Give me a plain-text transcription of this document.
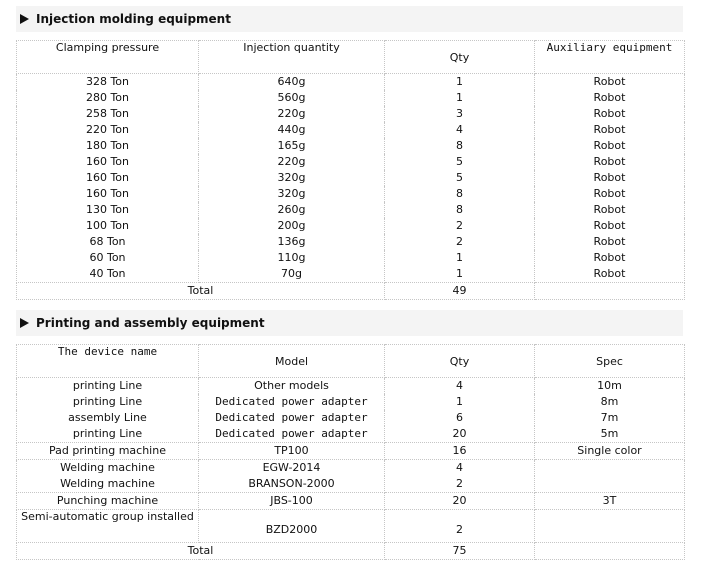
Injection molding equipment
Clamping pressure	Injection quantity	Qty	Auxiliary equipment
328 Ton	640g	1	Robot
280 Ton	560g	1	Robot
258 Ton	220g	3	Robot
220 Ton	440g	4	Robot
180 Ton	165g	8	Robot
160 Ton	220g	5	Robot
160 Ton	320g	5	Robot
160 Ton	320g	8	Robot
130 Ton	260g	8	Robot
100 Ton	200g	2	Robot
68 Ton	136g	2	Robot
60 Ton	110g	1	Robot
40 Ton	70g	1	Robot
Total		49	
Printing and assembly equipment
The device name	Model	Qty	Spec
printing Line	Other models	4	10m
printing Line	Dedicated power adapter	1	8m
assembly Line	Dedicated power adapter	6	7m
printing Line	Dedicated power adapter	20	5m
Pad printing machine	TP100	16	Single color
Welding machine	EGW-2014	4	
Welding machine	BRANSON-2000	2	
Punching machine	JBS-100	20	3T
Semi-automatic group installed	BZD2000	2	
Total		75	
